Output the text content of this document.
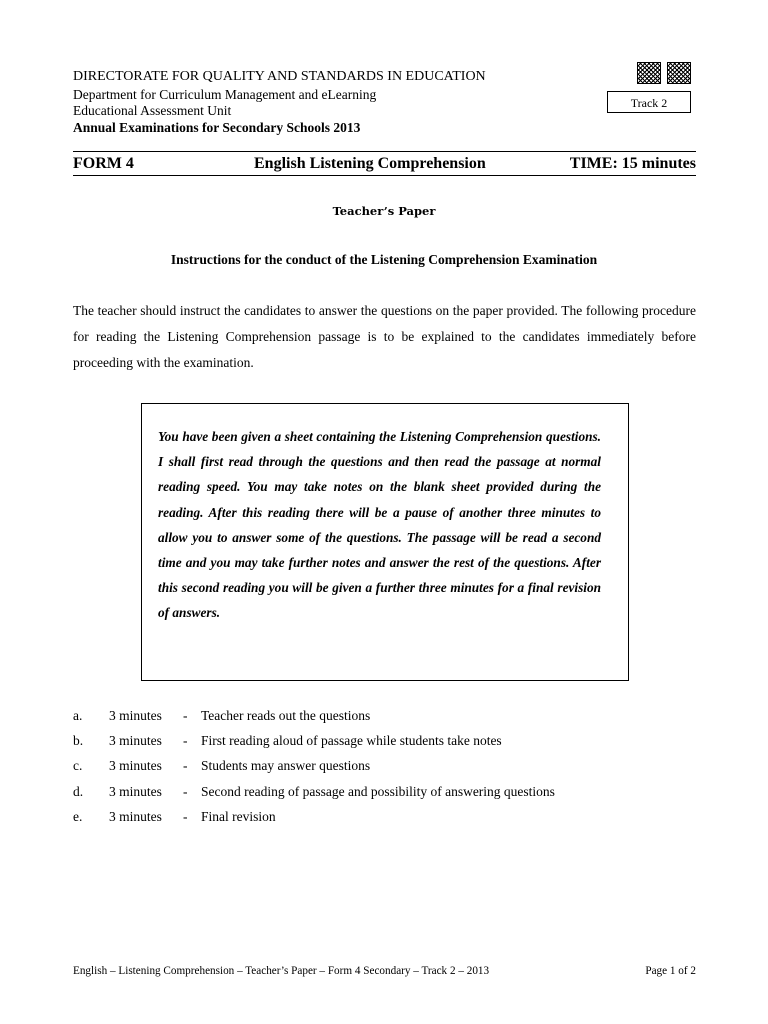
DIRECTORATE FOR QUALITY AND STANDARDS IN EDUCATION
Department for Curriculum Management and eLearning
Educational Assessment Unit
Annual Examinations for Secondary Schools 2013
Track 2
FORM 4	English Listening Comprehension	TIME: 15 minutes
Teacher’s Paper
Instructions for the conduct of the Listening Comprehension Examination

The teacher should instruct the candidates to answer the questions on the paper provided. The following procedure for reading the Listening Comprehension passage is to be explained to the candidates immediately before proceeding with the examination.

You have been given a sheet containing the Listening Comprehension questions. I shall first read through the questions and then read the passage at normal reading speed. You may take notes on the blank sheet provided during the reading. After this reading there will be a pause of another three minutes to allow you to answer some of the questions. The passage will be read a second time and you may take further notes and answer the rest of the questions. After this second reading you will be given a further three minutes for a final revision of answers.

a. 3 minutes - Teacher reads out the questions
b. 3 minutes - First reading aloud of passage while students take notes
c. 3 minutes - Students may answer questions
d. 3 minutes - Second reading of passage and possibility of answering questions
e. 3 minutes - Final revision
English – Listening Comprehension – Teacher’s Paper – Form 4 Secondary – Track 2 – 2013	Page 1 of 2
